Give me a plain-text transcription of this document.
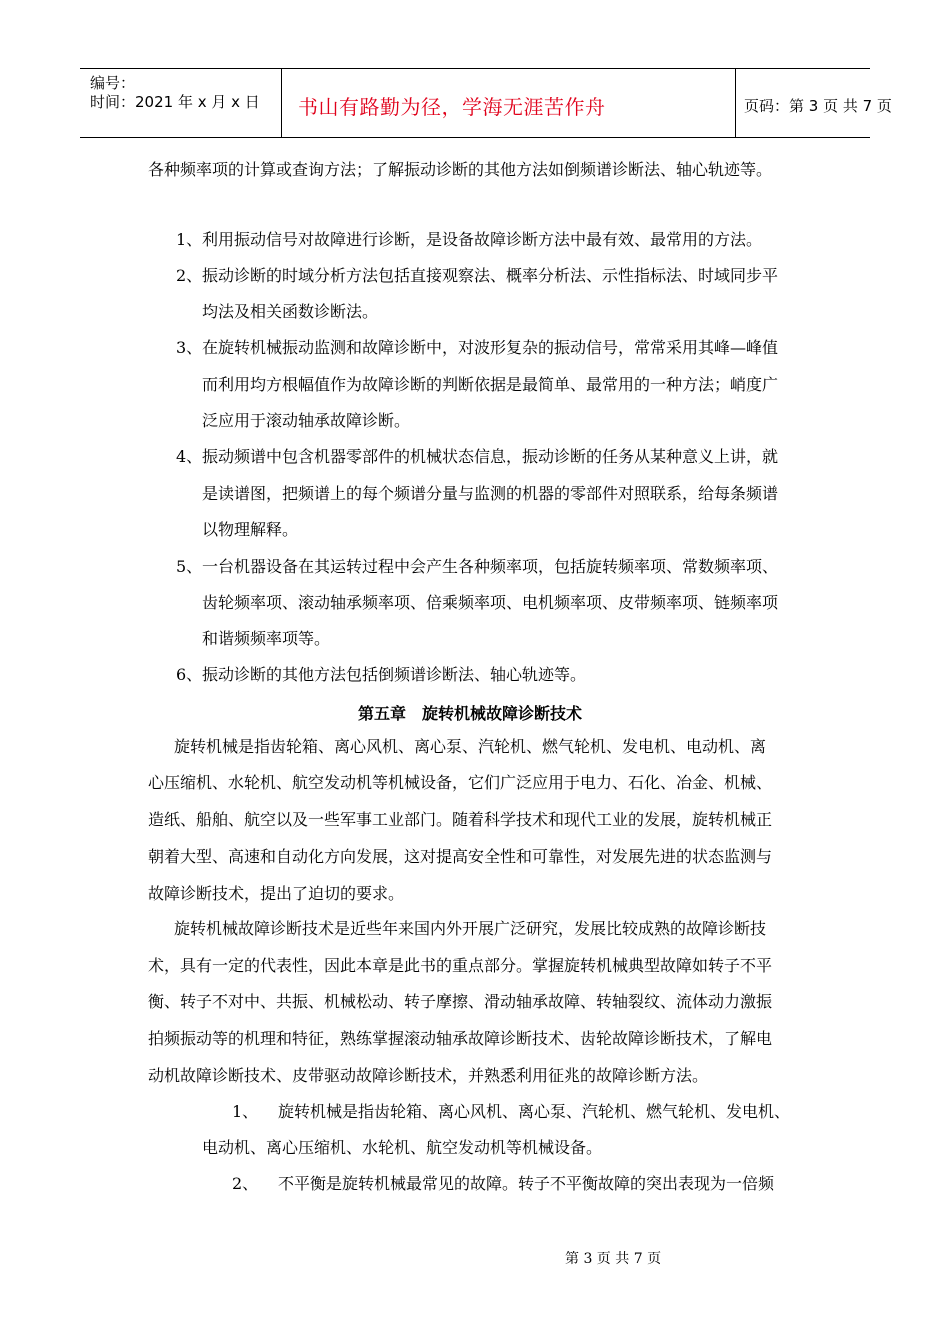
编号：
时间：2021 年 x 月 x 日 书山有路勤为径，学海无涯苦作舟	页码：第 3 页 共 7 页
各种频率项的计算或查询方法；了解振动诊断的其他方法如倒频谱诊断法、轴心轨迹等。
1、 利用振动信号对故障进行诊断，是设备故障诊断方法中最有效、最常用的方法。
2、 振动诊断的时域分析方法包括直接观察法、概率分析法、示性指标法、时域同步平
均法及相关函数诊断法。
3、 在旋转机械振动监测和故障诊断中，对波形复杂的振动信号，常常采用其峰—峰值
而利用均方根幅值作为故障诊断的判断依据是最简单、最常用的一种方法；峭度广
泛应用于滚动轴承故障诊断。
4、 振动频谱中包含机器零部件的机械状态信息，振动诊断的任务从某种意义上讲，就
是读谱图，把频谱上的每个频谱分量与监测的机器的零部件对照联系，给每条频谱
以物理解释。
5、 一台机器设备在其运转过程中会产生各种频率项，包括旋转频率项、常数频率项、
齿轮频率项、滚动轴承频率项、倍乘频率项、电机频率项、皮带频率项、链频率项
和谐频频率项等。
6、 振动诊断的其他方法包括倒频谱诊断法、轴心轨迹等。
第五章　旋转机械故障诊断技术
旋转机械是指齿轮箱、离心风机、离心泵、汽轮机、燃气轮机、发电机、电动机、离
心压缩机、水轮机、航空发动机等机械设备，它们广泛应用于电力、石化、冶金、机械、
造纸、船舶、航空以及一些军事工业部门。随着科学技术和现代工业的发展，旋转机械正
朝着大型、高速和自动化方向发展，这对提高安全性和可靠性，对发展先进的状态监测与
故障诊断技术，提出了迫切的要求。
旋转机械故障诊断技术是近些年来国内外开展广泛研究，发展比较成熟的故障诊断技
术，具有一定的代表性，因此本章是此书的重点部分。掌握旋转机械典型故障如转子不平
衡、转子不对中、共振、机械松动、转子摩擦、滑动轴承故障、转轴裂纹、流体动力激振
拍频振动等的机理和特征，熟练掌握滚动轴承故障诊断技术、齿轮故障诊断技术，了解电
动机故障诊断技术、皮带驱动故障诊断技术，并熟悉利用征兆的故障诊断方法。
1、 旋转机械是指齿轮箱、离心风机、离心泵、汽轮机、燃气轮机、发电机、
电动机、离心压缩机、水轮机、航空发动机等机械设备。
2、 不平衡是旋转机械最常见的故障。转子不平衡故障的突出表现为一倍频
第 3 页 共 7 页
